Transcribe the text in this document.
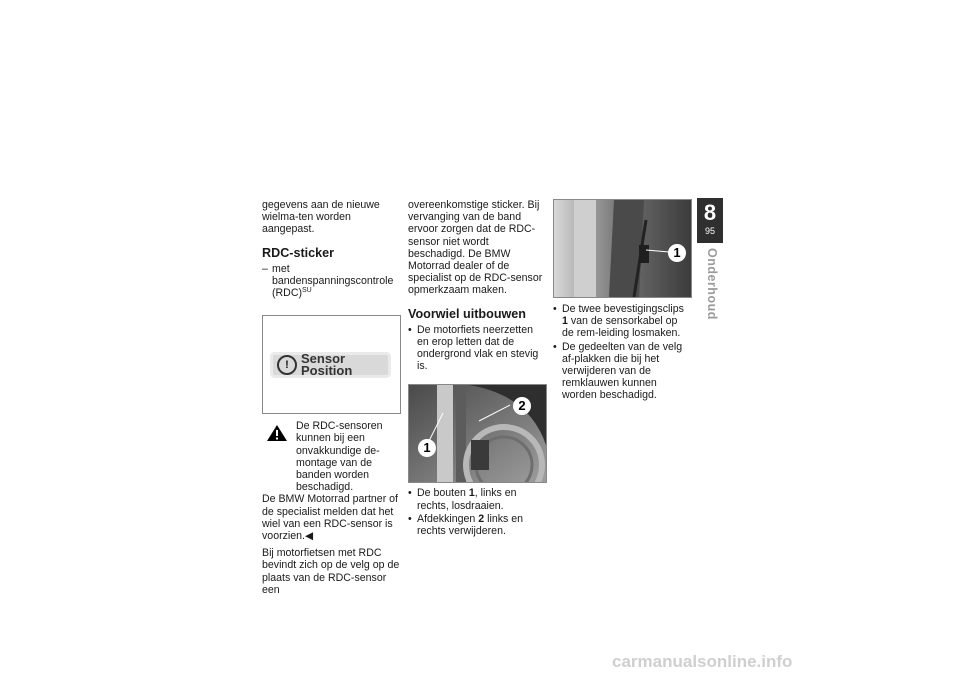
gegevens aan de nieuwe wielma-ten worden aangepast.

RDC-sticker
– met bandenspanningscontrole (RDC)$^{SU}$
! Sensor Position
De RDC-sensoren kunnen bij een onvakkundige de-montage van de banden worden beschadigd.

De BMW Motorrad partner of de specialist melden dat het wiel van een RDC-sensor is voorzien.◀

Bij motorfietsen met RDC bevindt zich op de velg op de plaats van de RDC-sensor een

overeenkomstige sticker. Bij vervanging van de band ervoor zorgen dat de RDC-sensor niet wordt beschadigd. De BMW Motorrad dealer of de specialist op de RDC-sensor opmerkzaam maken.

Voorwiel uitbouwen
• De motorfiets neerzetten en erop letten dat de ondergrond vlak en stevig is.
1
2
• De bouten 1, links en rechts, losdraaien.
• Afdekkingen 2 links en rechts verwijderen.
1
• De twee bevestigingsclips 1 van de sensorkabel op de rem-leiding losmaken.
• De gedeelten van de velg af-plakken die bij het verwijderen van de remklauwen kunnen worden beschadigd.
8
95
Onderhoud
carmanualsonline.info
